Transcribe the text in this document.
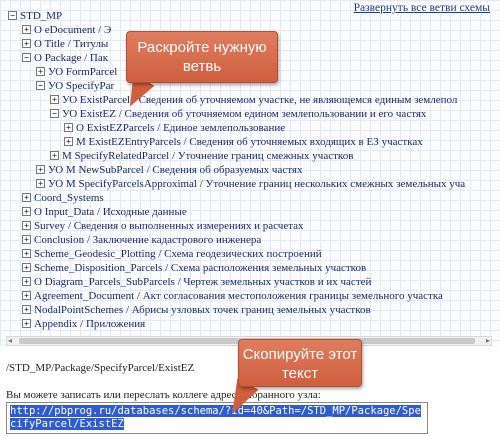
Развернуть все ветви схемы
− STD_MP
+ O eDocument / Э
+ O Title / Титулы
− O Package / Пак
+ УО FormParcel
− УО SpecifyPar
+ УО ExistParcel / Сведения об уточняемом участке, не являющемся единым землепол
− УО ExistEZ / Сведения об уточняемом едином землепользовании и его частях
+ O ExistEZParcels / Единое землепользование
+ M ExistEZEntryParcels / Сведения об уточняемых входящих в ЕЗ участках
+ M SpecifyRelatedParcel / Уточнение границ смежных участков
+ УО M NewSubParcel / Сведения об образуемых частях
+ УО M SpecifyParcelsApproximal / Уточнение границ нескольких смежных земельных уча
+ Coord_Systems
+ O Input_Data / Исходные данные
+ Survey / Сведения о выполненных измерениях и расчетах
+ Conclusion / Заключение кадастрового инженера
+ Scheme_Geodesic_Plotting / Схема геодезических построений
+ Scheme_Disposition_Parcels / Схема расположения земельных участков
+ O Diagram_Parcels_SubParcels / Чертеж земельных участков и их частей
+ Agreement_Document / Акт согласования местоположения границы земельного участка
+ NodalPointSchemes / Абрисы узловых точек границ земельных участков
+ Appendix / Приложения
◂	▸
/STD_MP/Package/SpecifyParcel/ExistEZ
Вы можете записать или переслать коллеге адрес выбранного узла:
http://pbprog.ru/databases/schema/?id=40&Path=/STD_MP/Package/SpecifyParcel/ExistEZ
Раскройте нужную ветвь
Скопируйте этот текст
